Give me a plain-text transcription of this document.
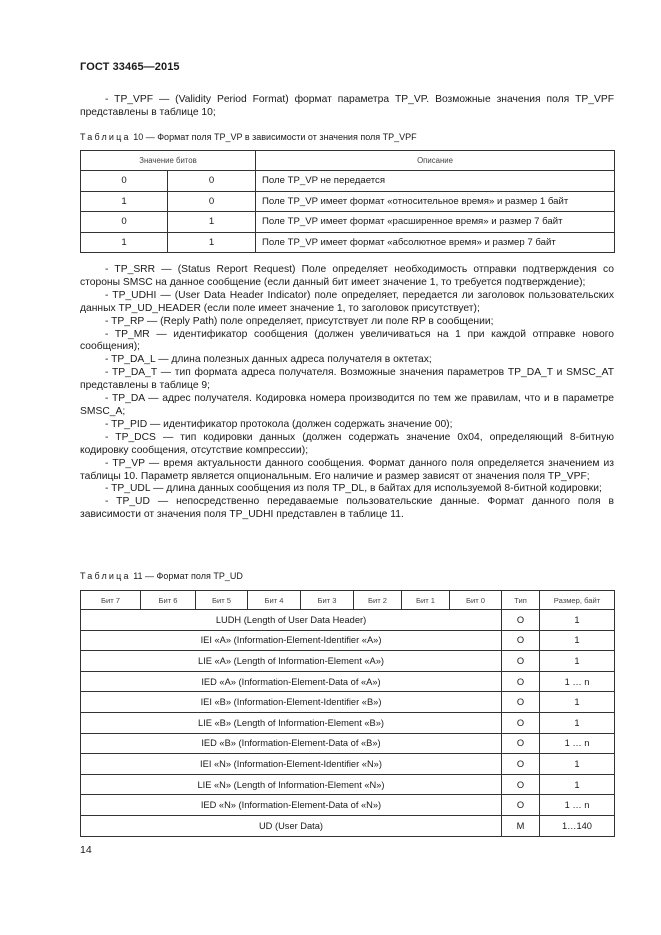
ГОСТ 33465—2015

- TP_VPF — (Validity Period Format) формат параметра TP_VP. Возможные значения поля TP_VPF представлены в таблице 10;

Таблица 10 — Формат поля TP_VP в зависимости от значения поля TP_VPF
Значение битов		Описание
0	0	Поле TP_VP не передается
1	0	Поле TP_VP имеет формат «относительное время» и размер 1 байт
0	1	Поле TP_VP имеет формат «расширенное время» и размер 7 байт
1	1	Поле TP_VP имеет формат «абсолютное время» и размер 7 байт

- TP_SRR — (Status Report Request) Поле определяет необходимость отправки подтверждения со стороны SMSC на данное сообщение (если данный бит имеет значение 1, то требуется подтверждение);

- TP_UDHI — (User Data Header Indicator) поле определяет, передается ли заголовок пользовательских данных TP_UD_HEADER (если поле имеет значение 1, то заголовок присутствует);

- TP_RP — (Reply Path) поле определяет, присутствует ли поле RP в сообщении;

- TP_MR — идентификатор сообщения (должен увеличиваться на 1 при каждой отправке нового сообщения);

- TP_DA_L — длина полезных данных адреса получателя в октетах;

- TP_DA_T — тип формата адреса получателя. Возможные значения параметров TP_DA_T и SMSC_AT представлены в таблице 9;

- TP_DA — адрес получателя. Кодировка номера производится по тем же правилам, что и в параметре SMSC_A;

- TP_PID — идентификатор протокола (должен содержать значение 00);

- TP_DCS — тип кодировки данных (должен содержать значение 0x04, определяющий 8-битную кодировку сообщения, отсутствие компрессии);

- TP_VP — время актуальности данного сообщения. Формат данного поля определяется значением из таблицы 10. Параметр является опциональным. Его наличие и размер зависят от значения поля TP_VPF;

- TP_UDL — длина данных сообщения из поля TP_DL, в байтах для используемой 8-битной кодировки;

- TP_UD — непосредственно передаваемые пользовательские данные. Формат данного поля в зависимости от значения поля TP_UDHI представлен в таблице 11.

Таблица 11 — Формат поля TP_UD
Бит 7	Бит 6	Бит 5	Бит 4	Бит 3	Бит 2	Бит 1	Бит 0	Тип	Размер, байт
LUDH (Length of User Data Header)								O	1
IEI «A» (Information-Element-Identifier «A»)								O	1
LIE «A» (Length of Information-Element «A»)								O	1
IED «A» (Information-Element-Data of «A»)								O	1 … n
IEI «B» (Information-Element-Identifier «B»)								O	1
LIE «B» (Length of Information-Element «B»)								O	1
IED «B» (Information-Element-Data of «B»)								O	1 … n
IEI «N» (Information-Element-Identifier «N»)								O	1
LIE «N» (Length of Information-Element «N»)								O	1
IED «N» (Information-Element-Data of «N»)								O	1 … n
UD (User Data)								M	1…140
14
